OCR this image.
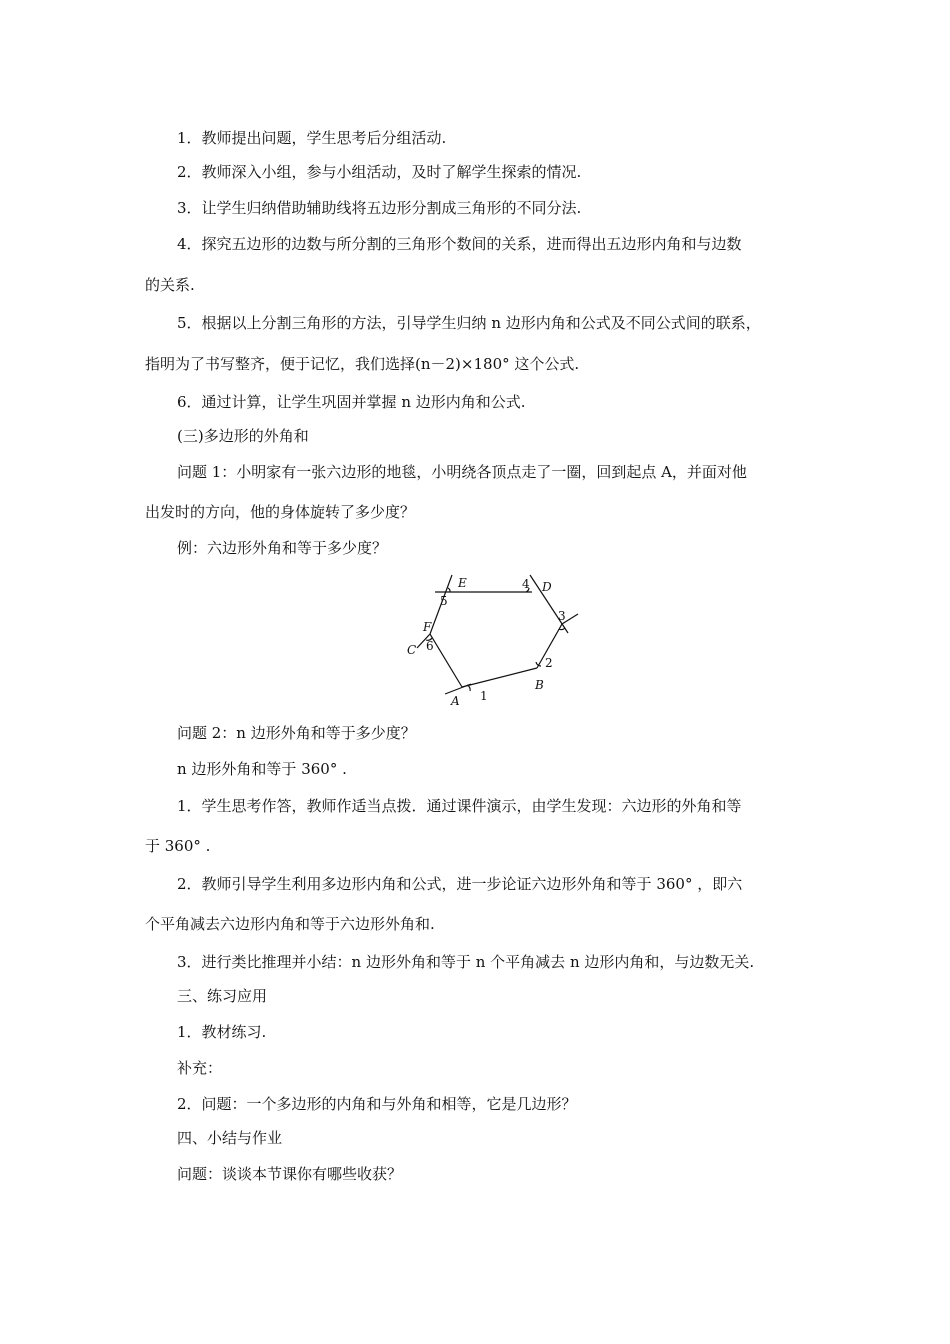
1．教师提出问题，学生思考后分组活动.
2．教师深入小组，参与小组活动，及时了解学生探索的情况.
3．让学生归纳借助辅助线将五边形分割成三角形的不同分法.
4．探究五边形的边数与所分割的三角形个数间的关系，进而得出五边形内角和与边数
的关系.
5．根据以上分割三角形的方法，引导学生归纳 n 边形内角和公式及不同公式间的联系，
指明为了书写整齐，便于记忆，我们选择(n－2)×180° 这个公式.
6．通过计算，让学生巩固并掌握 n 边形内角和公式.
(三)多边形的外角和
问题 1：小明家有一张六边形的地毯，小明绕各顶点走了一圈，回到起点 A，并面对他
出发时的方向，他的身体旋转了多少度？
例：六边形外角和等于多少度？
E	D
F
C
B
A 1
2
3
4
5
6
问题 2：n 边形外角和等于多少度？
n 边形外角和等于 360° .
1．学生思考作答，教师作适当点拨．通过课件演示，由学生发现：六边形的外角和等
于 360° .
2．教师引导学生利用多边形内角和公式，进一步论证六边形外角和等于 360° ，即六
个平角减去六边形内角和等于六边形外角和.
3．进行类比推理并小结：n 边形外角和等于 n 个平角减去 n 边形内角和，与边数无关.
三、练习应用
1．教材练习.
补充：
2．问题：一个多边形的内角和与外角和相等，它是几边形？
四、小结与作业
问题：谈谈本节课你有哪些收获？
